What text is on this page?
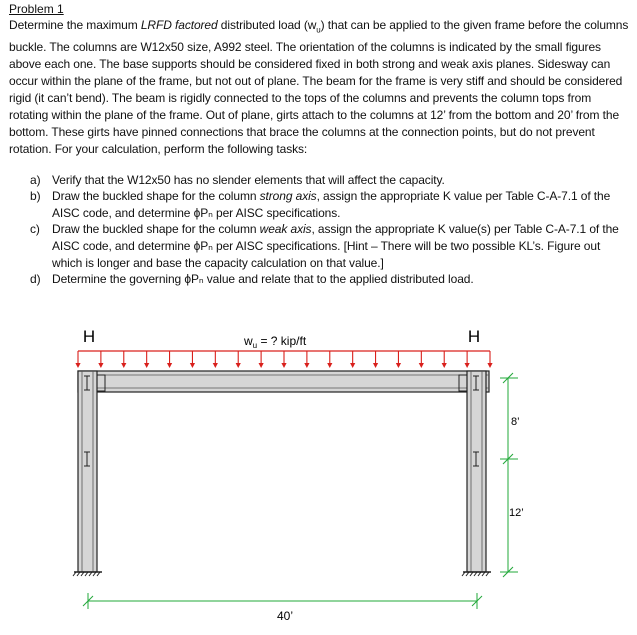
Problem 1

Determine the maximum LRFD factored distributed load $(w_u)$ that can be applied to the given frame before the columns buckle. The columns are W12x50 size, A992 steel. The orientation of the columns is indicated by the small figures above each one. The base supports should be considered fixed in both strong and weak axis planes. Sidesway can occur within the plane of the frame, but not out of plane. The beam for the frame is very stiff and should be considered rigid (it can’t bend). The beam is rigidly connected to the tops of the columns and prevents the column tops from rotating within the plane of the frame. Out of plane, girts attach to the columns at 12’ from the bottom and 20’ from the bottom. These girts have pinned connections that brace the columns at the connection points, but do not prevent rotation. For your calculation, perform the following tasks:

a) Verify that the W12x50 has no slender elements that will affect the capacity.
b) Draw the buckled shape for the column strong axis, assign the appropriate K value per Table C-A-7.1 of the AISC code, and determine ϕPₙ per AISC specifications.
c) Draw the buckled shape for the column weak axis, assign the appropriate K value(s) per Table C-A-7.1 of the AISC code, and determine ϕPₙ per AISC specifications. [Hint – There will be two possible KL’s. Figure out which is longer and base the capacity calculation on that value.]
d) Determine the governing ϕPₙ value and relate that to the applied distributed load.
H	H
$w_u$ = ? kip/ft
8’
12’
40’
